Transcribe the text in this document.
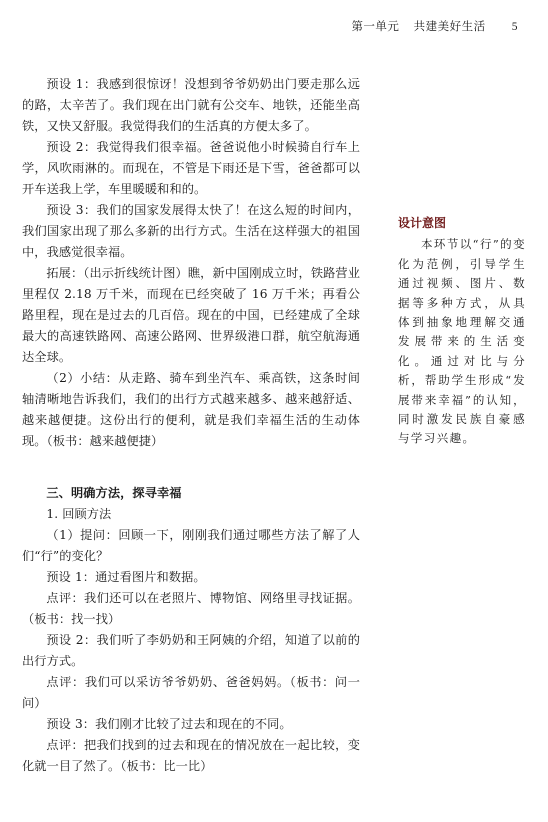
第一单元 共建美好生活 5

预设 1：我感到很惊讶！没想到爷爷奶奶出门要走那么远的路，太辛苦了。我们现在出门就有公交车、地铁，还能坐高铁，又快又舒服。我觉得我们的生活真的方便太多了。

预设 2：我觉得我们很幸福。爸爸说他小时候骑自行车上学，风吹雨淋的。而现在，不管是下雨还是下雪，爸爸都可以开车送我上学，车里暖暖和和的。

预设 3：我们的国家发展得太快了！在这么短的时间内，我们国家出现了那么多新的出行方式。生活在这样强大的祖国中，我感觉很幸福。

拓展：（出示折线统计图）瞧，新中国刚成立时，铁路营业里程仅 2.18 万千米，而现在已经突破了 16 万千米；再看公路里程，现在是过去的几百倍。现在的中国，已经建成了全球最大的高速铁路网、高速公路网、世界级港口群，航空航海通达全球。

（2）小结：从走路、骑车到坐汽车、乘高铁，这条时间轴清晰地告诉我们，我们的出行方式越来越多、越来越舒适、越来越便捷。这份出行的便利，就是我们幸福生活的生动体现。（板书：越来越便捷）

三、明确方法，探寻幸福

1. 回顾方法

（1）提问：回顾一下，刚刚我们通过哪些方法了解了人们“行”的变化？

预设 1：通过看图片和数据。

点评：我们还可以在老照片、博物馆、网络里寻找证据。（板书：找一找）

预设 2：我们听了李奶奶和王阿姨的介绍，知道了以前的出行方式。

点评：我们可以采访爷爷奶奶、爸爸妈妈。（板书：问一问）

预设 3：我们刚才比较了过去和现在的不同。

点评：把我们找到的过去和现在的情况放在一起比较，变化就一目了然了。（板书：比一比）

设计意图
本环节以“行”的变化为范例，引导学生通过视频、图片、数据等多种方式，从具体到抽象地理解交通发展带来的生活变化。通过对比与分析，帮助学生形成“发展带来幸福”的认知，同时激发民族自豪感与学习兴趣。
